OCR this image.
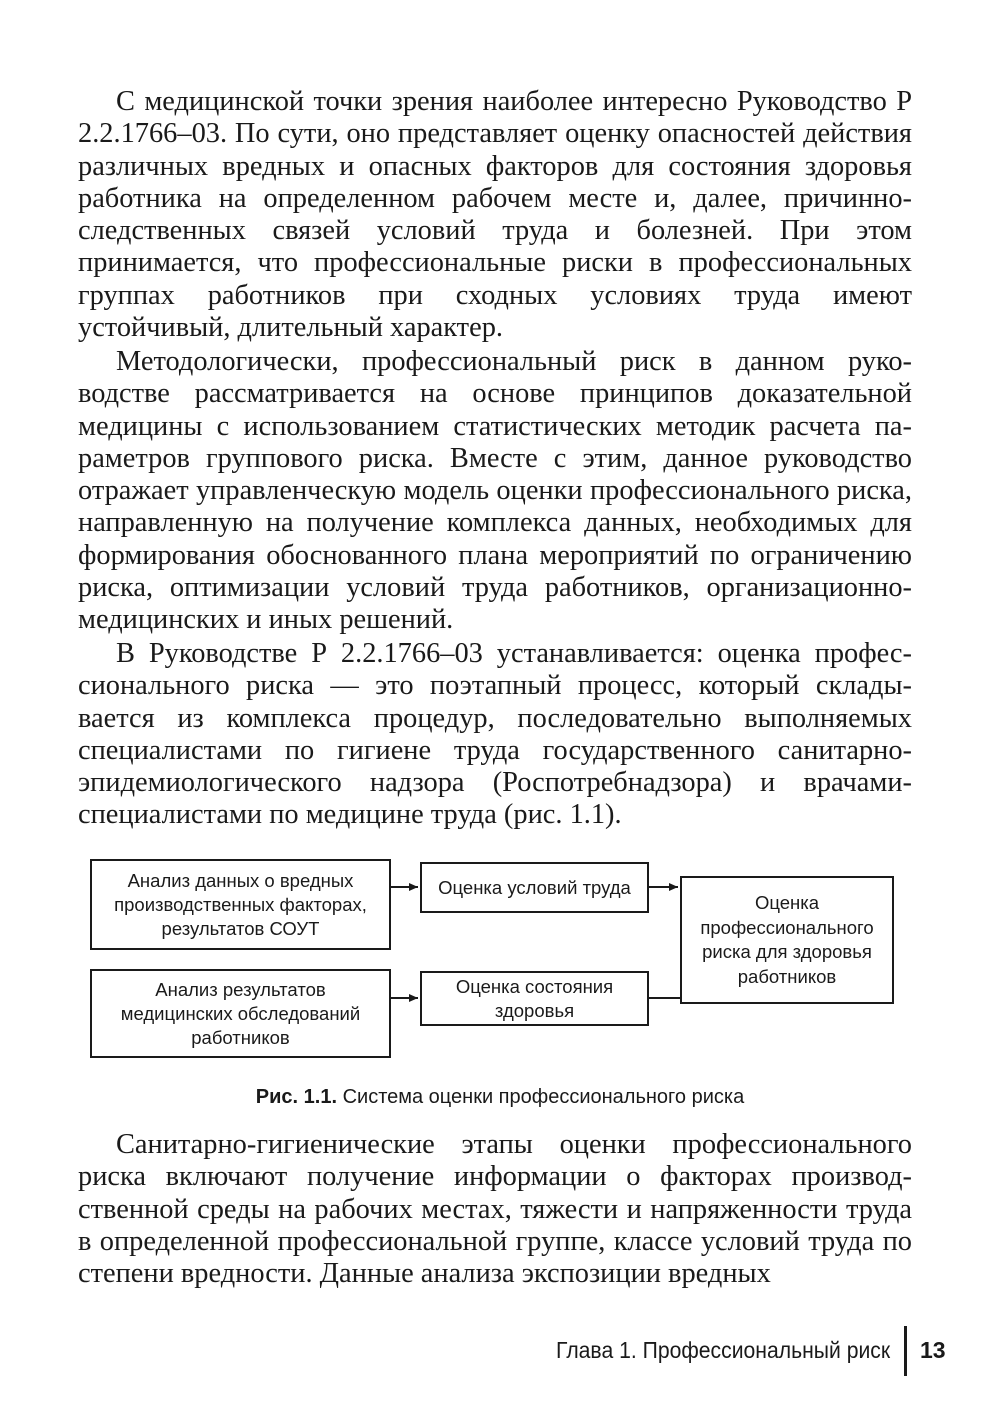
С медицинской точки зрения наиболее интересно Руководство Р 2.2.1766–03. По сути, оно представляет оценку опасностей действия различных вредных и опасных факторов для состояния здоровья работника на определенном рабочем месте и, далее, причинно-следственных связей условий труда и болезней. При этом принимается, что профессиональные риски в профессиональных группах работников при сходных условиях труда имеют устойчивый, длительный характер.

Методологически, профессиональный риск в данном руководстве рассматривается на основе принципов доказательной медицины с использованием статистических методик расчета параметров группового риска. Вместе с этим, данное руководство отражает управленческую модель оценки профессионального риска, направленную на получение комплекса данных, необходимых для формирования обоснованного плана мероприятий по ограничению риска, оптимизации условий труда работников, организационно-медицинских и иных решений.

В Руководстве Р 2.2.1766–03 устанавливается: оценка профессионального риска — это поэтапный процесс, который складывается из комплекса процедур, последовательно выполняемых специалистами по гигиене труда государственного санитарно-эпидемиологического надзора (Роспотребнадзора) и врачами-специалистами по медицине труда (рис. 1.1).

Анализ данных о вредных производственных факторах, результатов СОУТ
Анализ результатов медицинских обследований работников
Оценка условий труда
Оценка состояния здоровья
Оценка профессионального риска для здоровья работников

Рис. 1.1. Система оценки профессионального риска

Санитарно-гигиенические этапы оценки профессионального риска включают получение информации о факторах производственной среды на рабочих местах, тяжести и напряженности труда в определенной профессиональной группе, классе условий труда по степени вредности. Данные анализа экспозиции вредных

Глава 1. Профессиональный риск 13
